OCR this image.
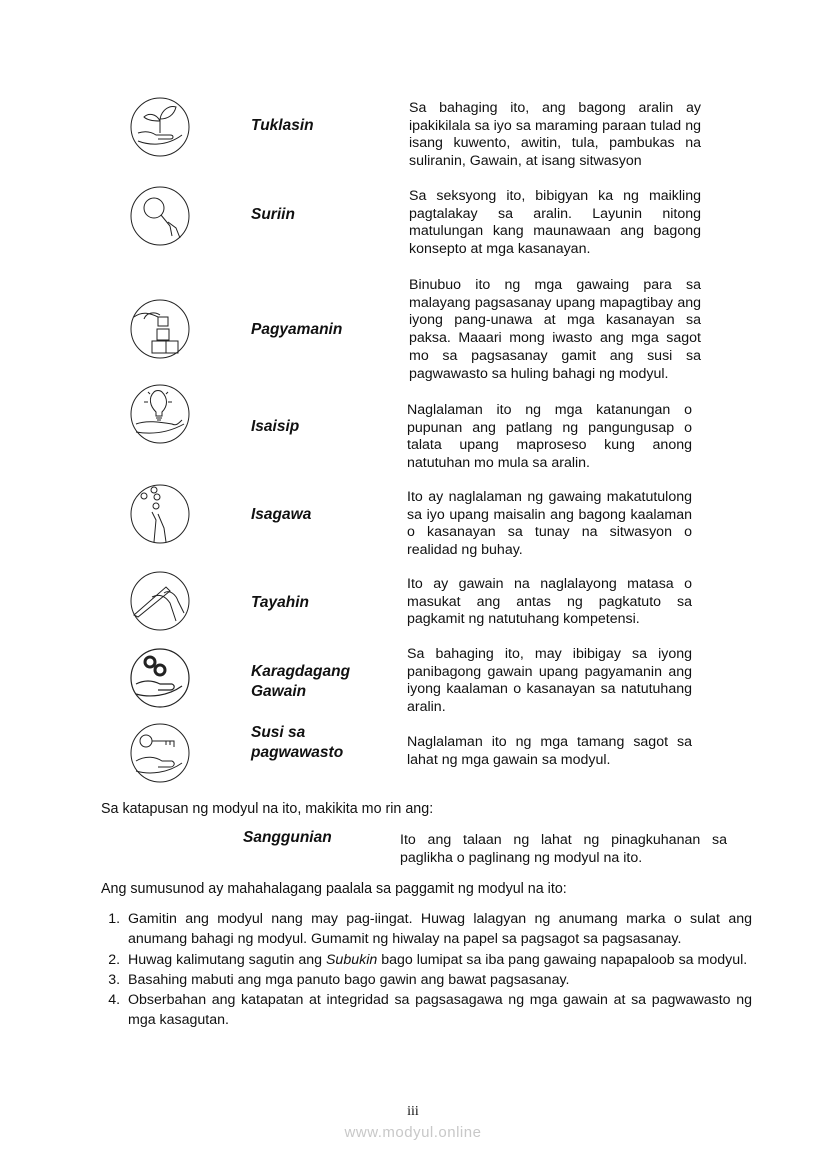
Tuklasin
Sa bahaging ito, ang bagong aralin ay ipakikilala sa iyo sa maraming paraan tulad ng isang kuwento, awitin, tula, pambukas na suliranin, Gawain, at isang sitwasyon
Suriin
Sa seksyong ito, bibigyan ka ng maikling pagtalakay sa aralin. Layunin nitong matulungan kang maunawaan ang bagong konsepto at mga kasanayan.
Pagyamanin
Binubuo ito ng mga gawaing para sa malayang pagsasanay upang mapagtibay ang iyong pang-unawa at mga kasanayan sa paksa. Maaari mong iwasto ang mga sagot mo sa pagsasanay gamit ang susi sa pagwawasto sa huling bahagi ng modyul.
Isaisip
Naglalaman ito ng mga katanungan o pupunan ang patlang ng pangungusap o talata upang maproseso kung anong natutuhan mo mula sa aralin.
Isagawa
Ito ay naglalaman ng gawaing makatutulong sa iyo upang maisalin ang bagong kaalaman o kasanayan sa tunay na sitwasyon o realidad ng buhay.
Tayahin
Ito ay gawain na naglalayong matasa o masukat ang antas ng pagkatuto sa pagkamit ng natutuhang kompetensi.
Karagdagang
Gawain
Sa bahaging ito, may ibibigay sa iyong panibagong gawain upang pagyamanin ang iyong kaalaman o kasanayan sa natutuhang aralin.
Susi sa
pagwawasto
Naglalaman ito ng mga tamang sagot sa lahat ng mga gawain sa modyul.
Sa katapusan ng modyul na ito, makikita mo rin ang:
Sanggunian	Ito ang talaan ng lahat ng pinagkuhanan sa paglikha o paglinang ng modyul na ito.
Ang sumusunod ay mahahalagang paalala sa paggamit ng modyul na ito:
1. Gamitin ang modyul nang may pag-iingat. Huwag lalagyan ng anumang marka o sulat ang anumang bahagi ng modyul. Gumamit ng hiwalay na papel sa pagsagot sa pagsasanay.
2. Huwag kalimutang sagutin ang Subukin bago lumipat sa iba pang gawaing napapaloob sa modyul.
3. Basahing mabuti ang mga panuto bago gawin ang bawat pagsasanay.
4. Obserbahan ang katapatan at integridad sa pagsasagawa ng mga gawain at sa pagwawasto ng mga kasagutan.
iii
www.modyul.online
